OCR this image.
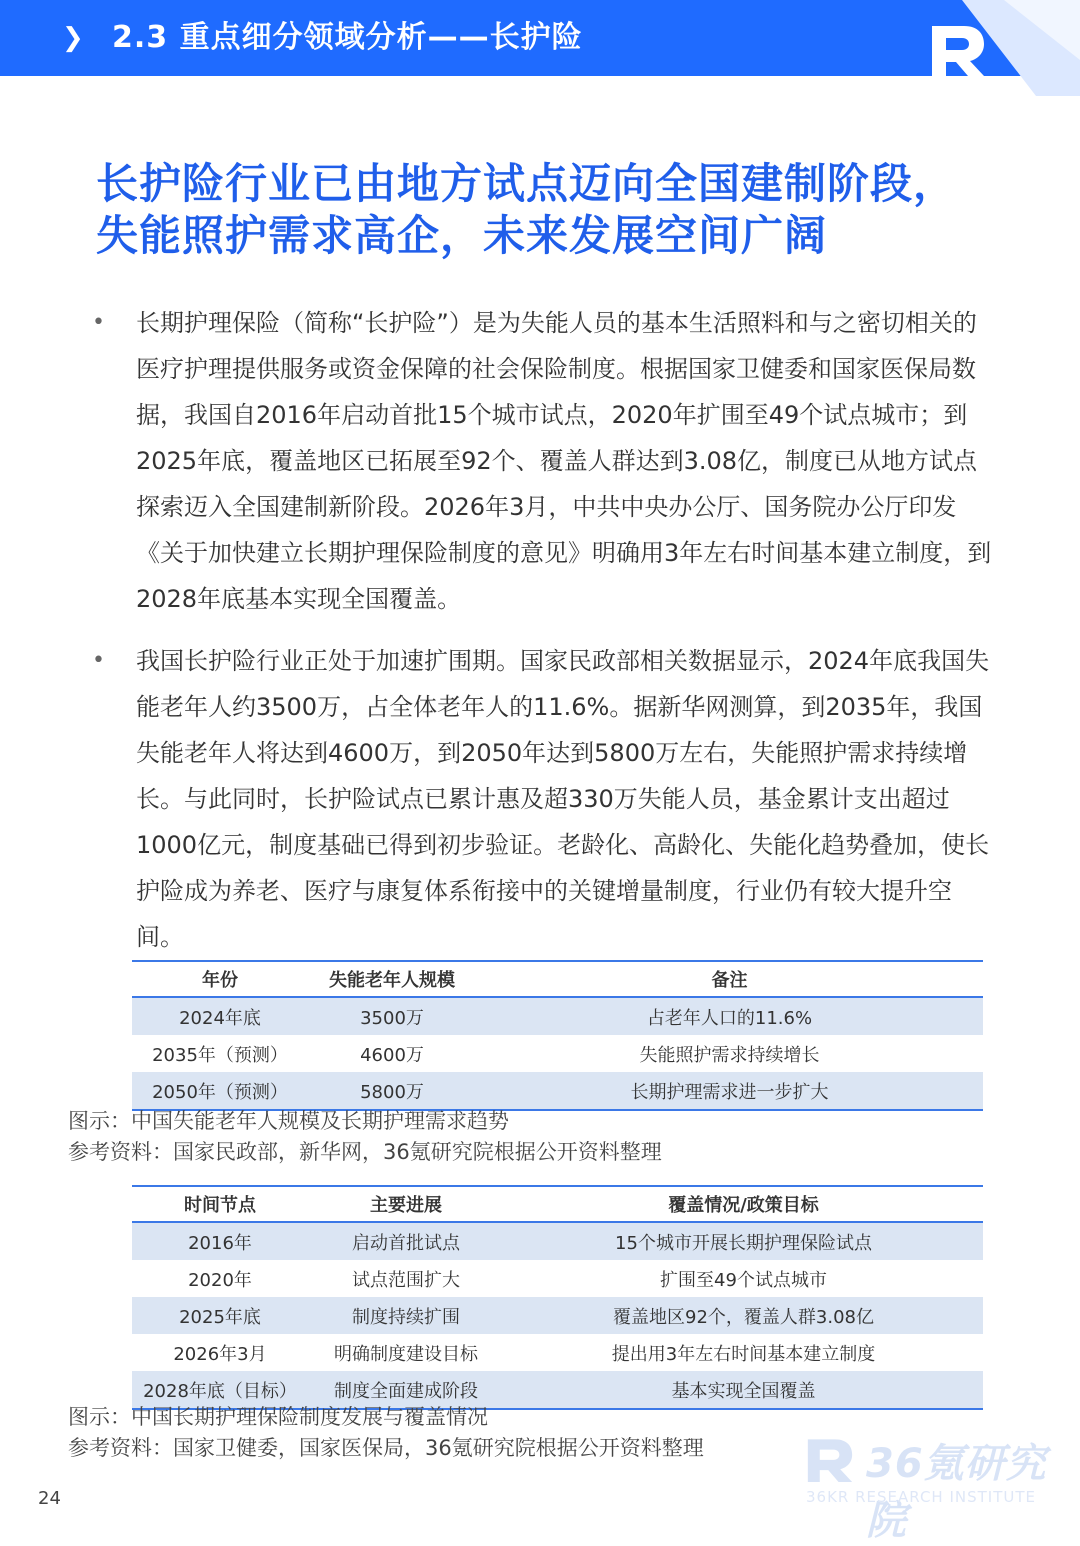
❯ 2.3 重点细分领域分析——长护险
长护险行业已由地方试点迈向全国建制阶段，
失能照护需求高企，未来发展空间广阔
• 长期护理保险（简称“长护险”）是为失能人员的基本生活照料和与之密切相关的医疗护理提供服务或资金保障的社会保险制度。根据国家卫健委和国家医保局数据，我国自2016年启动首批15个城市试点，2020年扩围至49个试点城市；到2025年底，覆盖地区已拓展至92个、覆盖人群达到3.08亿，制度已从地方试点探索迈入全国建制新阶段。2026年3月，中共中央办公厅、国务院办公厅印发《关于加快建立长期护理保险制度的意见》明确用3年左右时间基本建立制度，到2028年底基本实现全国覆盖。
• 我国长护险行业正处于加速扩围期。国家民政部相关数据显示，2024年底我国失能老年人约3500万，占全体老年人的11.6%。据新华网测算，到2035年，我国失能老年人将达到4600万，到2050年达到5800万左右，失能照护需求持续增长。与此同时，长护险试点已累计惠及超330万失能人员，基金累计支出超过1000亿元，制度基础已得到初步验证。老龄化、高龄化、失能化趋势叠加，使长护险成为养老、医疗与康复体系衔接中的关键增量制度，行业仍有较大提升空间。
年份	失能老年人规模	备注
2024年底	3500万	占老年人口的11.6%
2035年（预测）	4600万	失能照护需求持续增长
2050年（预测）	5800万	长期护理需求进一步扩大
图示：中国失能老年人规模及长期护理需求趋势
参考资料：国家民政部，新华网，36氪研究院根据公开资料整理
时间节点	主要进展	覆盖情况/政策目标
2016年	启动首批试点	15个城市开展长期护理保险试点
2020年	试点范围扩大	扩围至49个试点城市
2025年底	制度持续扩围	覆盖地区92个，覆盖人群3.08亿
2026年3月	明确制度建设目标	提出用3年左右时间基本建立制度
2028年底（目标）	制度全面建成阶段	基本实现全国覆盖
图示：中国长期护理保险制度发展与覆盖情况
参考资料：国家卫健委，国家医保局，36氪研究院根据公开资料整理
24
36氪研究院
36KR RESEARCH INSTITUTE
